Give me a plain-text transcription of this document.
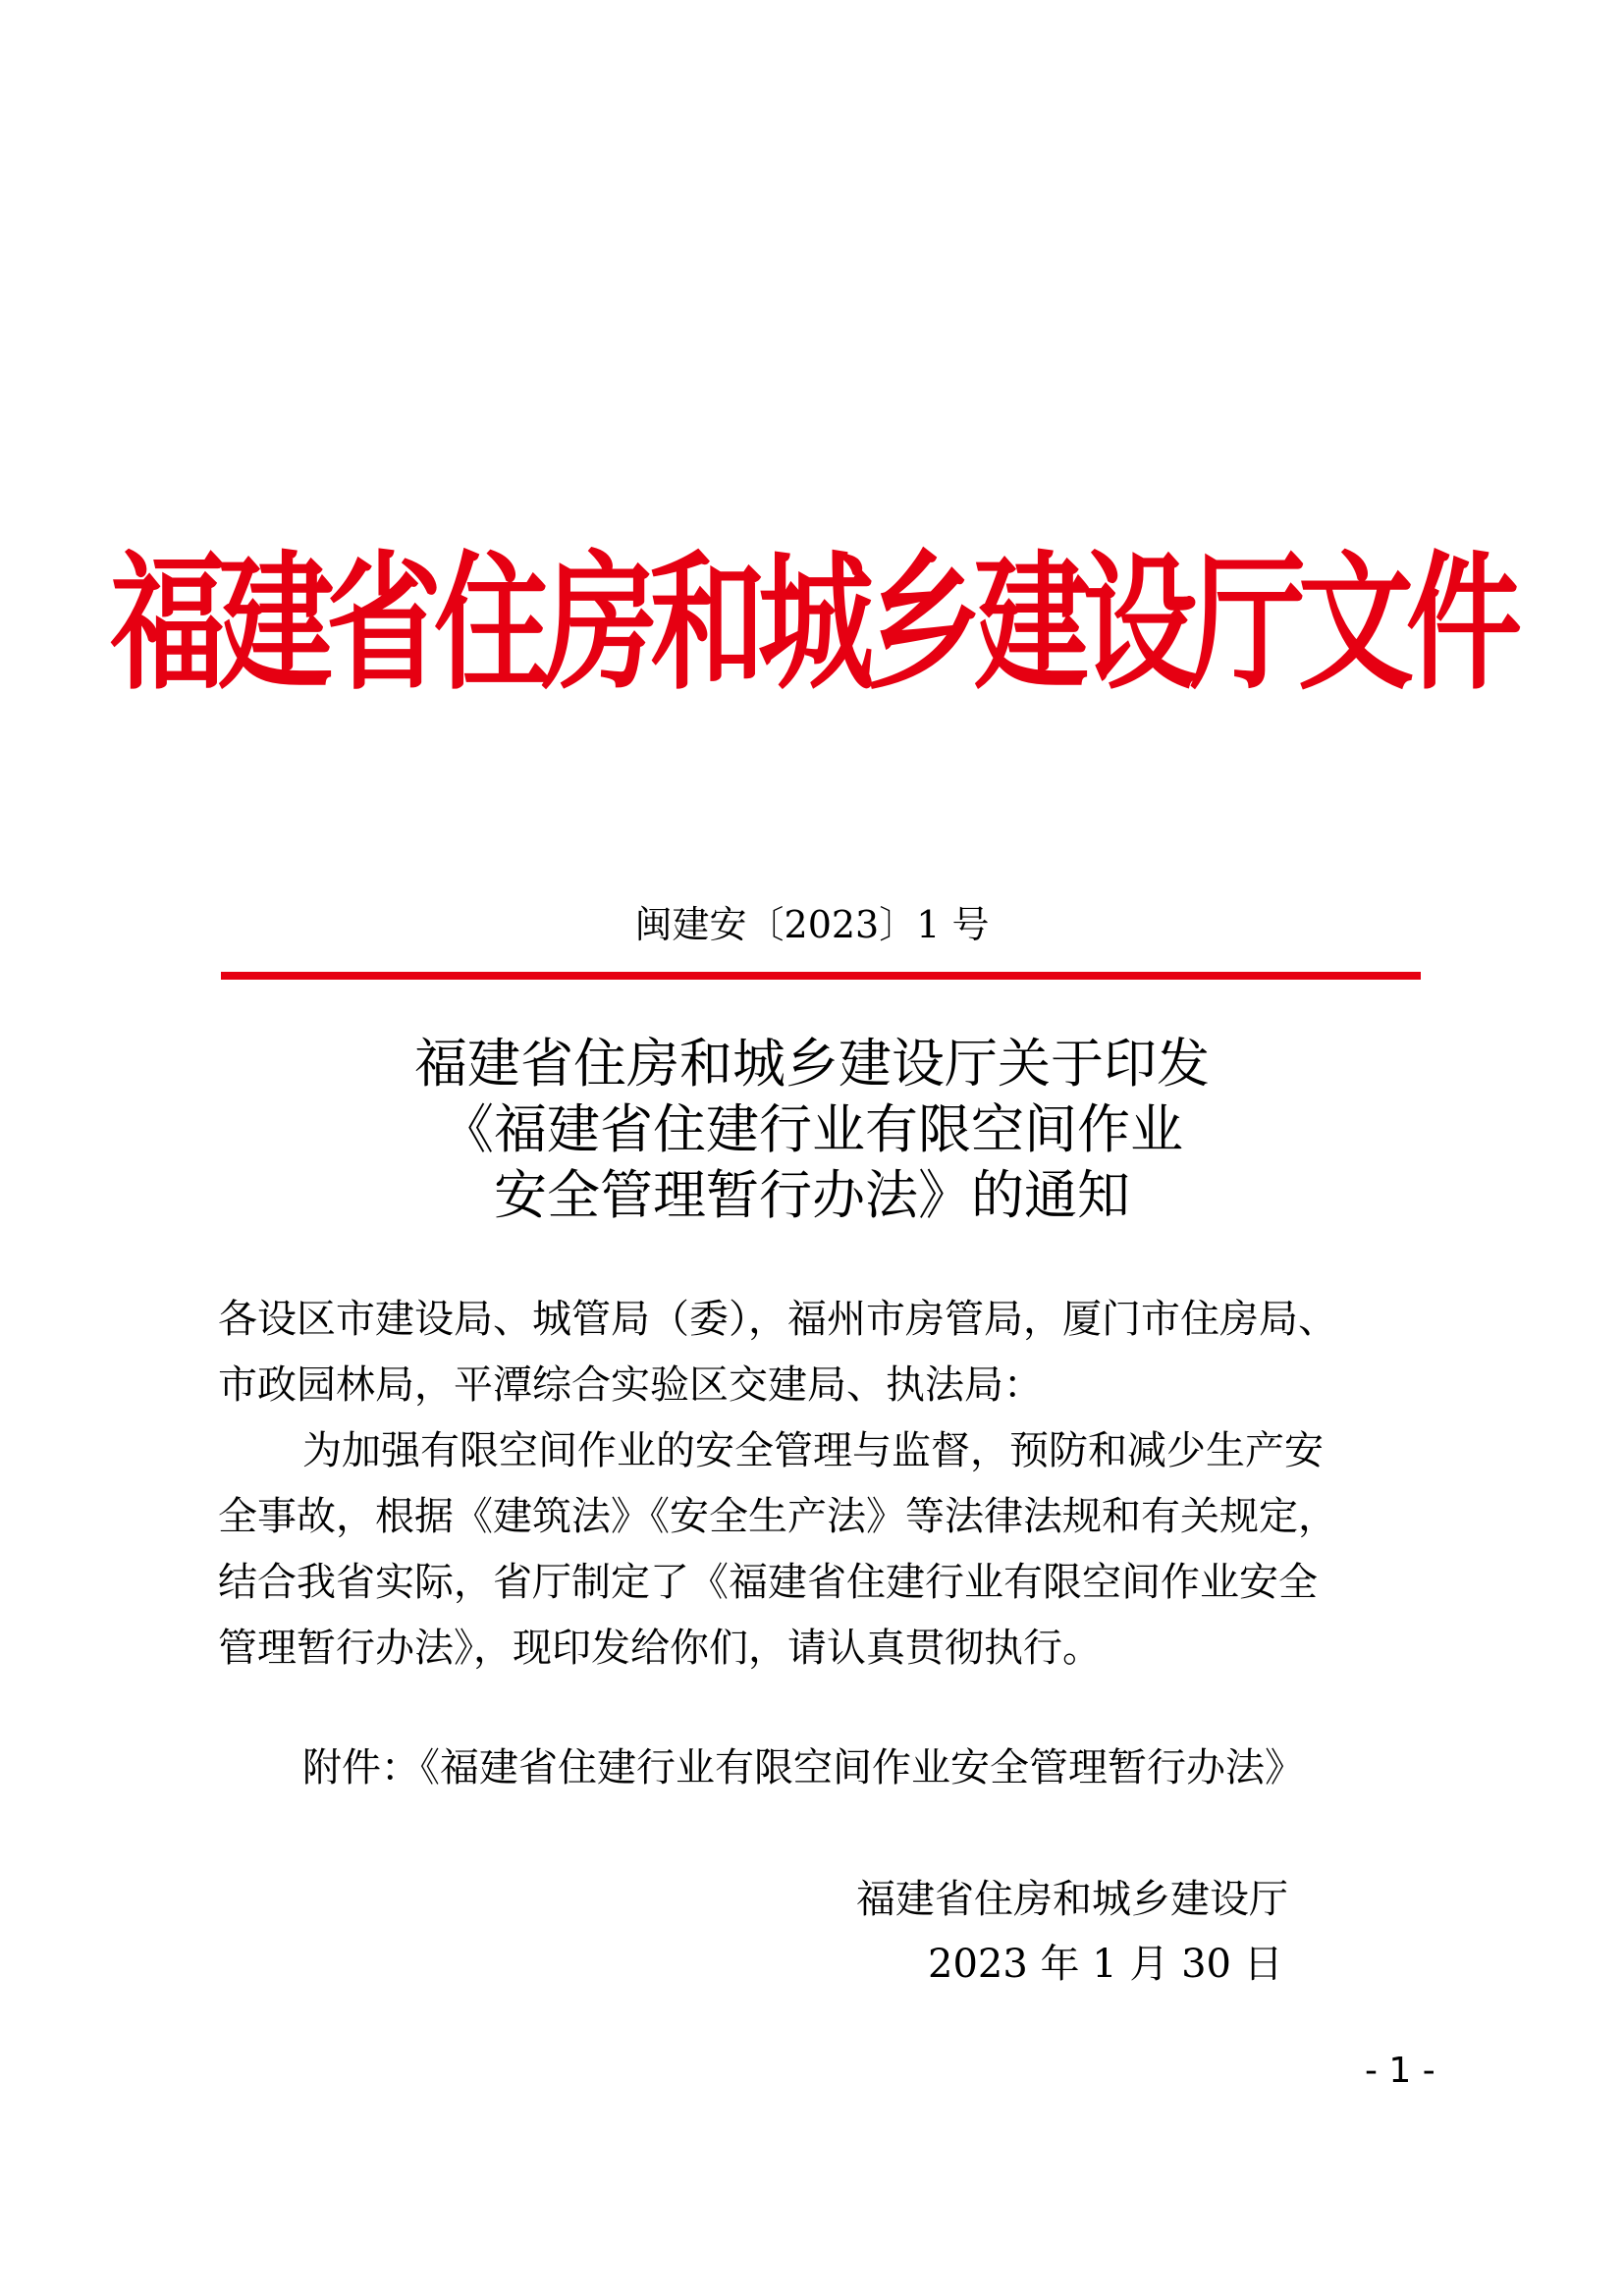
福建省住房和城乡建设厅文件
闽建安〔2023〕1 号
福建省住房和城乡建设厅关于印发
《福建省住建行业有限空间作业
安全管理暂行办法》的通知
各设区市建设局、城管局（委），福州市房管局，厦门市住房局、
市政园林局，平潭综合实验区交建局、执法局：
为加强有限空间作业的安全管理与监督，预防和减少生产安
全事故，根据《建筑法》《安全生产法》等法律法规和有关规定，
结合我省实际，省厅制定了《福建省住建行业有限空间作业安全
管理暂行办法》，现印发给你们，请认真贯彻执行。
附件：《福建省住建行业有限空间作业安全管理暂行办法》
福建省住房和城乡建设厅
2023 年 1 月 30 日
- 1 -
